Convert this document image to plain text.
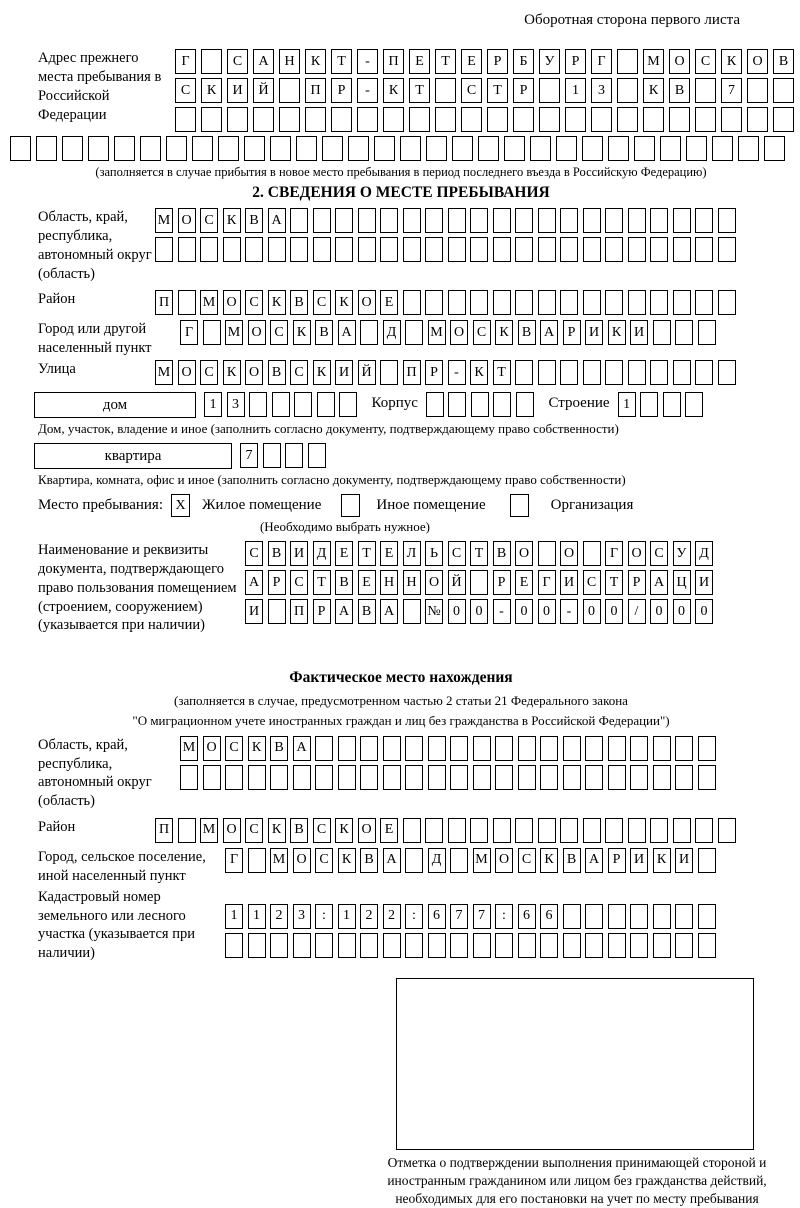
Оборотная сторона первого листа
Адрес прежнего места пребывания в Российской Федерации
Г	С	А	Н	К	Т	-	П	Е	Т	Е	Р	Б	У	Р	Г	М	О	С	К	О	В
С	К	И	Й	П	Р	-	К	Т	С	Т	Р	1	3	К	В	7
(заполняется в случае прибытия в новое место пребывания в период последнего въезда в Российскую Федерацию)
2. СВЕДЕНИЯ О МЕСТЕ ПРЕБЫВАНИЯ
Область, край, республика, автономный округ (область)
М О С К В А
Район	П М О С К В С К О Е
Город или другой населенный пункт
Г	М О С К В А	Д	М О С К В А Р И К И
Улица	М О С К О В С К И Й П Р	-	К Т
дом	1	3	Корпус	Строение 1
Дом, участок, владение и иное (заполнить согласно документу, подтверждающему право собственности)
квартира	7
Квартира, комната, офис и иное (заполнить согласно документу, подтверждающему право собственности)
Место пребывания: X Жилое помещение	Иное помещение	Организация
(Необходимо выбрать нужное)
Наименование и реквизиты документа, подтверждающего право пользования помещением (строением, сооружением) (указывается при наличии)
С В И Д Е Т Е Л Ь С Т В О О	Г О С У Д
А Р С Т В Е Н Н О Й	Р	Е	Г И С Т	Р А Ц И
И П Р А В А № 0	0	-	0	0	-	0	0	/	0	0	0
Фактическое место нахождения
(заполняется в случае, предусмотренном частью 2 статьи 21 Федерального закона
"О миграционном учете иностранных граждан и лиц без гражданства в Российской Федерации")
Область, край, республика, автономный округ (область)
М О С К В А
Район	П М О С К В С К О Е
Город, сельское поселение, иной населенный пункт
Г	М О С К В А	Д	М О С К В А Р И К И
Кадастровый номер земельного или лесного участка (указывается при наличии)
1	1	2	3	:	1	2	2	:	6	7	7	:	6	6
Отметка о подтверждении выполнения принимающей стороной и иностранным гражданином или лицом без гражданства действий, необходимых для его постановки на учет по месту пребывания
